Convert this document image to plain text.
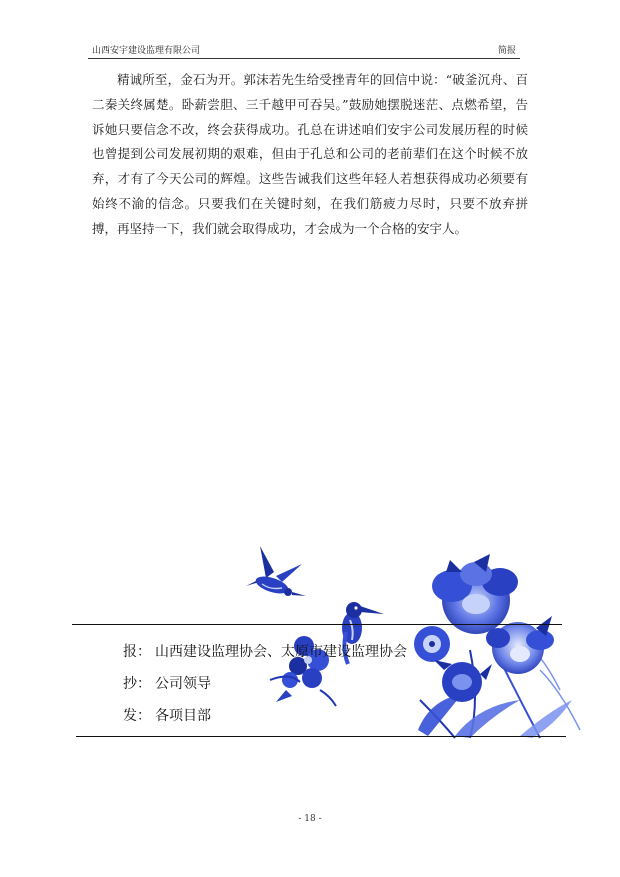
山西安宇建设监理有限公司	简报

精诚所至，金石为开。郭沫若先生给受挫青年的回信中说：“破釜沉舟、百二秦关终属楚。卧薪尝胆、三千越甲可吞吴。”鼓励她摆脱迷茫、点燃希望，告诉她只要信念不改，终会获得成功。孔总在讲述咱们安宇公司发展历程的时候也曾提到公司发展初期的艰难，但由于孔总和公司的老前辈们在这个时候不放弃，才有了今天公司的辉煌。这些告诫我们这些年轻人若想获得成功必须要有始终不渝的信念。只要我们在关键时刻，在我们筋疲力尽时，只要不放弃拼搏，再坚持一下，我们就会取得成功，才会成为一个合格的安宇人。

报： 山西建设监理协会、太原市建设监理协会
抄： 公司领导
发： 各项目部
- 18 -
